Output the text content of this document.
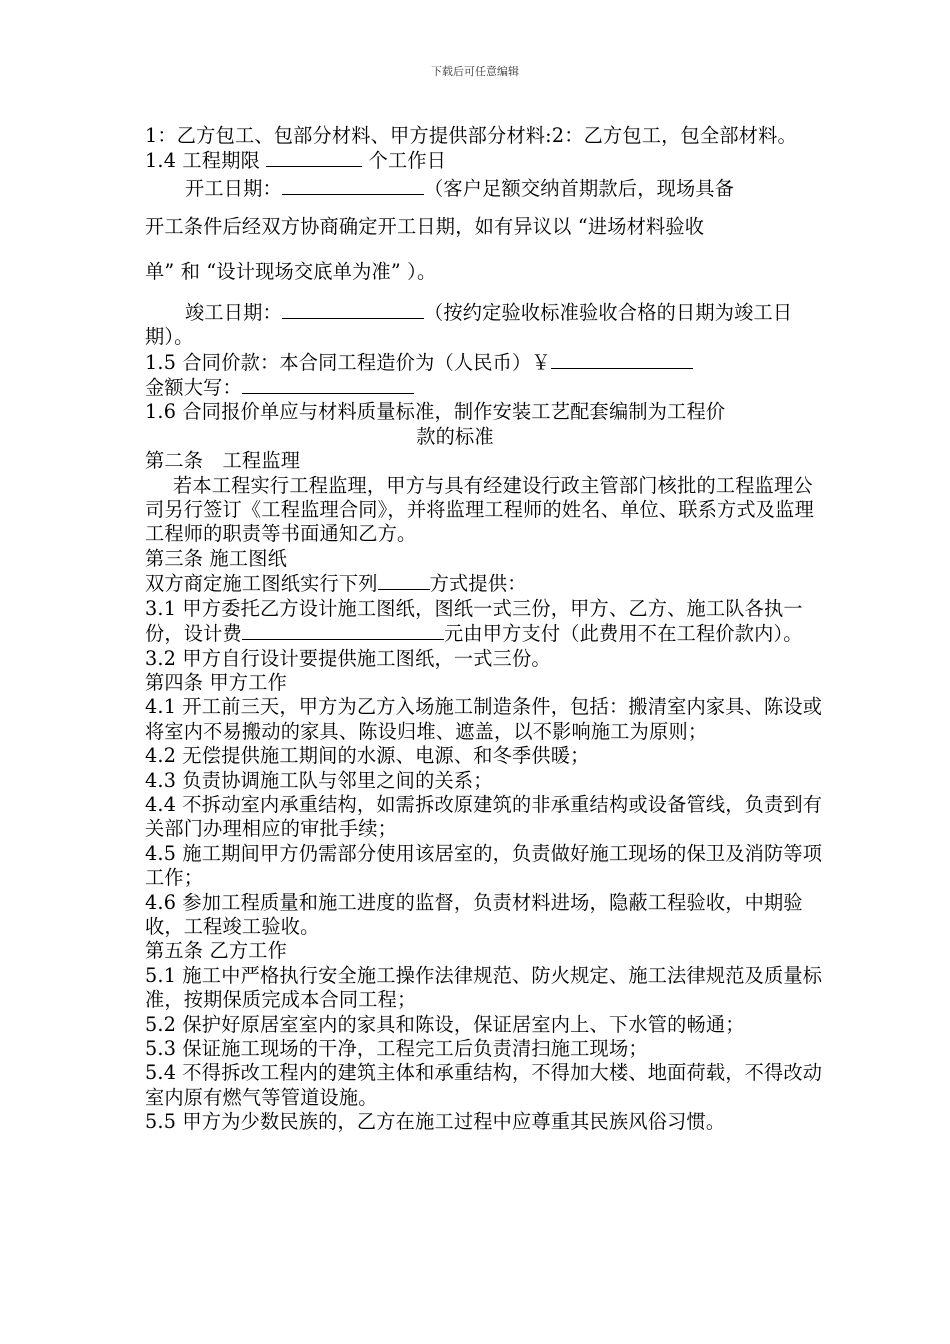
下载后可任意编辑

1：乙方包工、包部分材料、甲方提供部分材料:2：乙方包工，包全部材料。

1.4 工程期限	个工作日

开工日期：	（客户足额交纳首期款后，现场具备

开工条件后经双方协商确定开工日期，如有异议以 “进场材料验收

单” 和 “设计现场交底单为准” ）。

竣工日期：	（按约定验收标准验收合格的日期为竣工日期）。

1.5 合同价款：本合同工程造价为（人民币）￥

金额大写：

1.6 合同报价单应与材料质量标准，制作安装工艺配套编制为工程价

款的标准

第二条　工程监理

若本工程实行工程监理，甲方与具有经建设行政主管部门核批的工程监理公司另行签订《工程监理合同》，并将监理工程师的姓名、单位、联系方式及监理工程师的职责等书面通知乙方。

第三条 施工图纸

双方商定施工图纸实行下列	方式提供：

3.1 甲方委托乙方设计施工图纸，图纸一式三份，甲方、乙方、施工队各执一份，设计费	元由甲方支付（此费用不在工程价款内）。

3.2 甲方自行设计要提供施工图纸，一式三份。

第四条 甲方工作

4.1 开工前三天，甲方为乙方入场施工制造条件，包括：搬清室内家具、陈设或将室内不易搬动的家具、陈设归堆、遮盖，以不影响施工为原则；

4.2 无偿提供施工期间的水源、电源、和冬季供暖；

4.3 负责协调施工队与邻里之间的关系；

4.4 不拆动室内承重结构，如需拆改原建筑的非承重结构或设备管线，负责到有关部门办理相应的审批手续；

4.5 施工期间甲方仍需部分使用该居室的，负责做好施工现场的保卫及消防等项工作；

4.6 参加工程质量和施工进度的监督，负责材料进场，隐蔽工程验收，中期验收，工程竣工验收。

第五条 乙方工作

5.1 施工中严格执行安全施工操作法律规范、防火规定、施工法律规范及质量标准，按期保质完成本合同工程；

5.2 保护好原居室室内的家具和陈设，保证居室内上、下水管的畅通；

5.3 保证施工现场的干净，工程完工后负责清扫施工现场；

5.4 不得拆改工程内的建筑主体和承重结构，不得加大楼、地面荷载，不得改动室内原有燃气等管道设施。

5.5 甲方为少数民族的，乙方在施工过程中应尊重其民族风俗习惯。
